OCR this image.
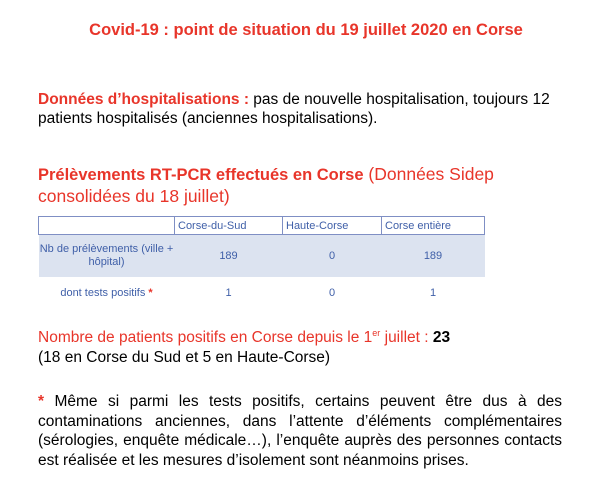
Covid-19 : point de situation du 19 juillet 2020 en Corse
Données d’hospitalisations : pas de nouvelle hospitalisation, toujours 12 patients hospitalisés (anciennes hospitalisations).
Prélèvements RT-PCR effectués en Corse (Données Sidep consolidées du 18 juillet)
	Corse-du-Sud	Haute-Corse	Corse entière
Nb de prélèvements (ville + hôpital)	189	0	189
dont tests positifs *	1	0	1
Nombre de patients positifs en Corse depuis le 1er juillet : 23
(18 en Corse du Sud et 5 en Haute-Corse)
* Même si parmi les tests positifs, certains peuvent être dus à des contaminations anciennes, dans l’attente d’éléments complémentaires (sérologies, enquête médicale…), l’enquête auprès des personnes contacts est réalisée et les mesures d’isolement sont néanmoins prises.
